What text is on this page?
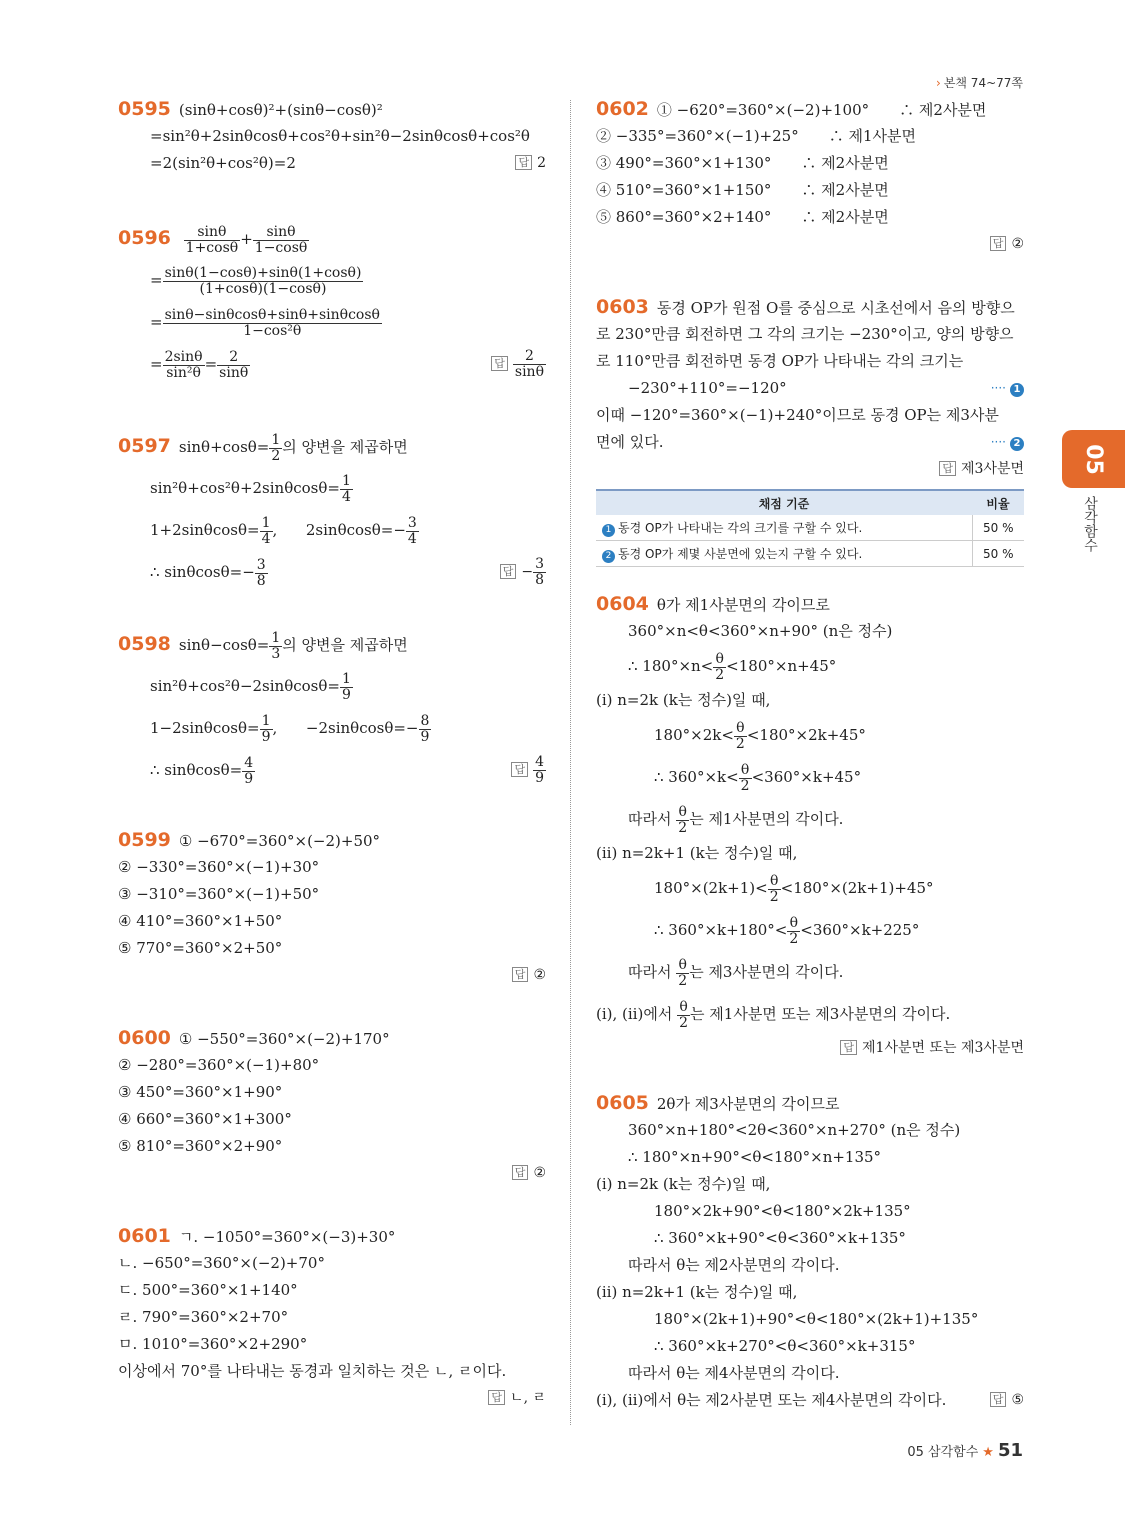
› 본책 74~77쪽
0595 (sinθ+cosθ)²+(sinθ−cosθ)²
=sin²θ+2sinθcosθ+cos²θ+sin²θ−2sinθcosθ+cos²θ
=2(sin²θ+cos²θ)=2	답 2
$0596 \frac{\sin\theta}{1+\cos\theta} + \frac{\sin\theta}{1-\cos\theta}$
= $\frac{\sin\theta(1-\cos\theta)+\sin\theta(1+\cos\theta)}{(1+\cos\theta)(1-\cos\theta)}$
= $\frac{\sin\theta-\sin\theta\cos\theta+\sin\theta+\sin\theta\cos\theta}{\text{1−cos²θ}}$
= $\frac{2\sin\theta}{\text{sin²θ}} = \frac{2}{\sin\theta}$	답 $\frac{2}{\sin\theta}$
0597 $\sin\theta+\cos\theta= \frac{1}{2}$ 의 양변을 제곱하면
$\sin^2\theta+\cos^2\theta+2\sin\theta\cos\theta= \frac{1}{4}$
$1+2\sin\theta\cos\theta= \frac{1}{4}$ ,      $2\sin\theta\cos\theta=- \frac{3}{4}$
∴ $\sin\theta\cos\theta=- \frac{3}{8}$	답 − $\frac{3}{8}$
0598 $\sin\theta-\cos\theta= \frac{1}{3}$ 의 양변을 제곱하면
$\sin^2\theta+\cos^2\theta-2\sin\theta\cos\theta= \frac{1}{9}$
$1-2\sin\theta\cos\theta= \frac{1}{9}$ ,      $-2\sin\theta\cos\theta=- \frac{8}{9}$
∴ $\sin\theta\cos\theta= \frac{4}{9}$	답 $\frac{4}{9}$
0599 ① −670°=360°×(−2)+50°
② −330°=360°×(−1)+30°
③ −310°=360°×(−1)+50°
④ 410°=360°×1+50°
⑤ 770°=360°×2+50°
답 ②
0600 ① −550°=360°×(−2)+170°
② −280°=360°×(−1)+80°
③ 450°=360°×1+90°
④ 660°=360°×1+300°
⑤ 810°=360°×2+90°
답 ②
0601 ㄱ. −1050°=360°×(−3)+30°
ㄴ. −650°=360°×(−2)+70°
ㄷ. 500°=360°×1+140°
ㄹ. 790°=360°×2+70°
ㅁ. 1010°=360°×2+290°
이상에서 70°를 나타내는 동경과 일치하는 것은 ㄴ, ㄹ이다.
답 ㄴ, ㄹ
0602 ① −620°=360°×(−2)+100°　　∴ 제2사분면
② −335°=360°×(−1)+25°　　∴ 제1사분면
③ 490°=360°×1+130°　　∴ 제2사분면
④ 510°=360°×1+150°　　∴ 제2사분면
⑤ 860°=360°×2+140°　　∴ 제2사분면
답 ②
0603 동경 OP가 원점 O를 중심으로 시초선에서 음의 방향으
로 230°만큼 회전하면 그 각의 크기는 −230°이고, 양의 방향으
로 110°만큼 회전하면 동경 OP가 나타내는 각의 크기는
−230°+110°=−120°	···· 1
이때 −120°=360°×(−1)+240°이므로 동경 OP는 제3사분
면에 있다.	···· 2
답 제3사분면
채점 기준	비율
1 동경 OP가 나타내는 각의 크기를 구할 수 있다.	50 %
2 동경 OP가 제몇 사분면에 있는지 구할 수 있다.	50 %
0604 θ가 제1사분면의 각이므로
360°×n<θ<360°×n+90° (n은 정수)
∴ $180^\circ\times n< \frac{\theta}{2} <180^\circ\times n+45^\circ$
(ⅰ) n=2k (k는 정수)일 때,
$180^\circ\times 2k< \frac{\theta}{2} <180^\circ\times 2k+45^\circ$
∴ $360^\circ\times k< \frac{\theta}{2} <360^\circ\times k+45^\circ$
따라서 $\frac{\theta}{2}$ 는 제1사분면의 각이다.
(ⅱ) n=2k+1 (k는 정수)일 때,
$180^\circ\times(2k+1)< \frac{\theta}{2} <180^\circ\times(2k+1)+45^\circ$
∴ $360^\circ\times k+180^\circ< \frac{\theta}{2} <360^\circ\times k+225^\circ$
따라서 $\frac{\theta}{2}$ 는 제3사분면의 각이다.
(ⅰ), (ⅱ)에서 $\frac{\theta}{2}$ 는 제1사분면 또는 제3사분면의 각이다.
답 제1사분면 또는 제3사분면
0605 2θ가 제3사분면의 각이므로
360°×n+180°<2θ<360°×n+270° (n은 정수)
∴ 180°×n+90°<θ<180°×n+135°
(ⅰ) n=2k (k는 정수)일 때,
180°×2k+90°<θ<180°×2k+135°
∴ 360°×k+90°<θ<360°×k+135°
따라서 θ는 제2사분면의 각이다.
(ⅱ) n=2k+1 (k는 정수)일 때,
180°×(2k+1)+90°<θ<180°×(2k+1)+135°
∴ 360°×k+270°<θ<360°×k+315°
따라서 θ는 제4사분면의 각이다.
(ⅰ), (ⅱ)에서 θ는 제2사분면 또는 제4사분면의 각이다.	답 ⑤
05
삼각함수
05 삼각함수 ★ 51
